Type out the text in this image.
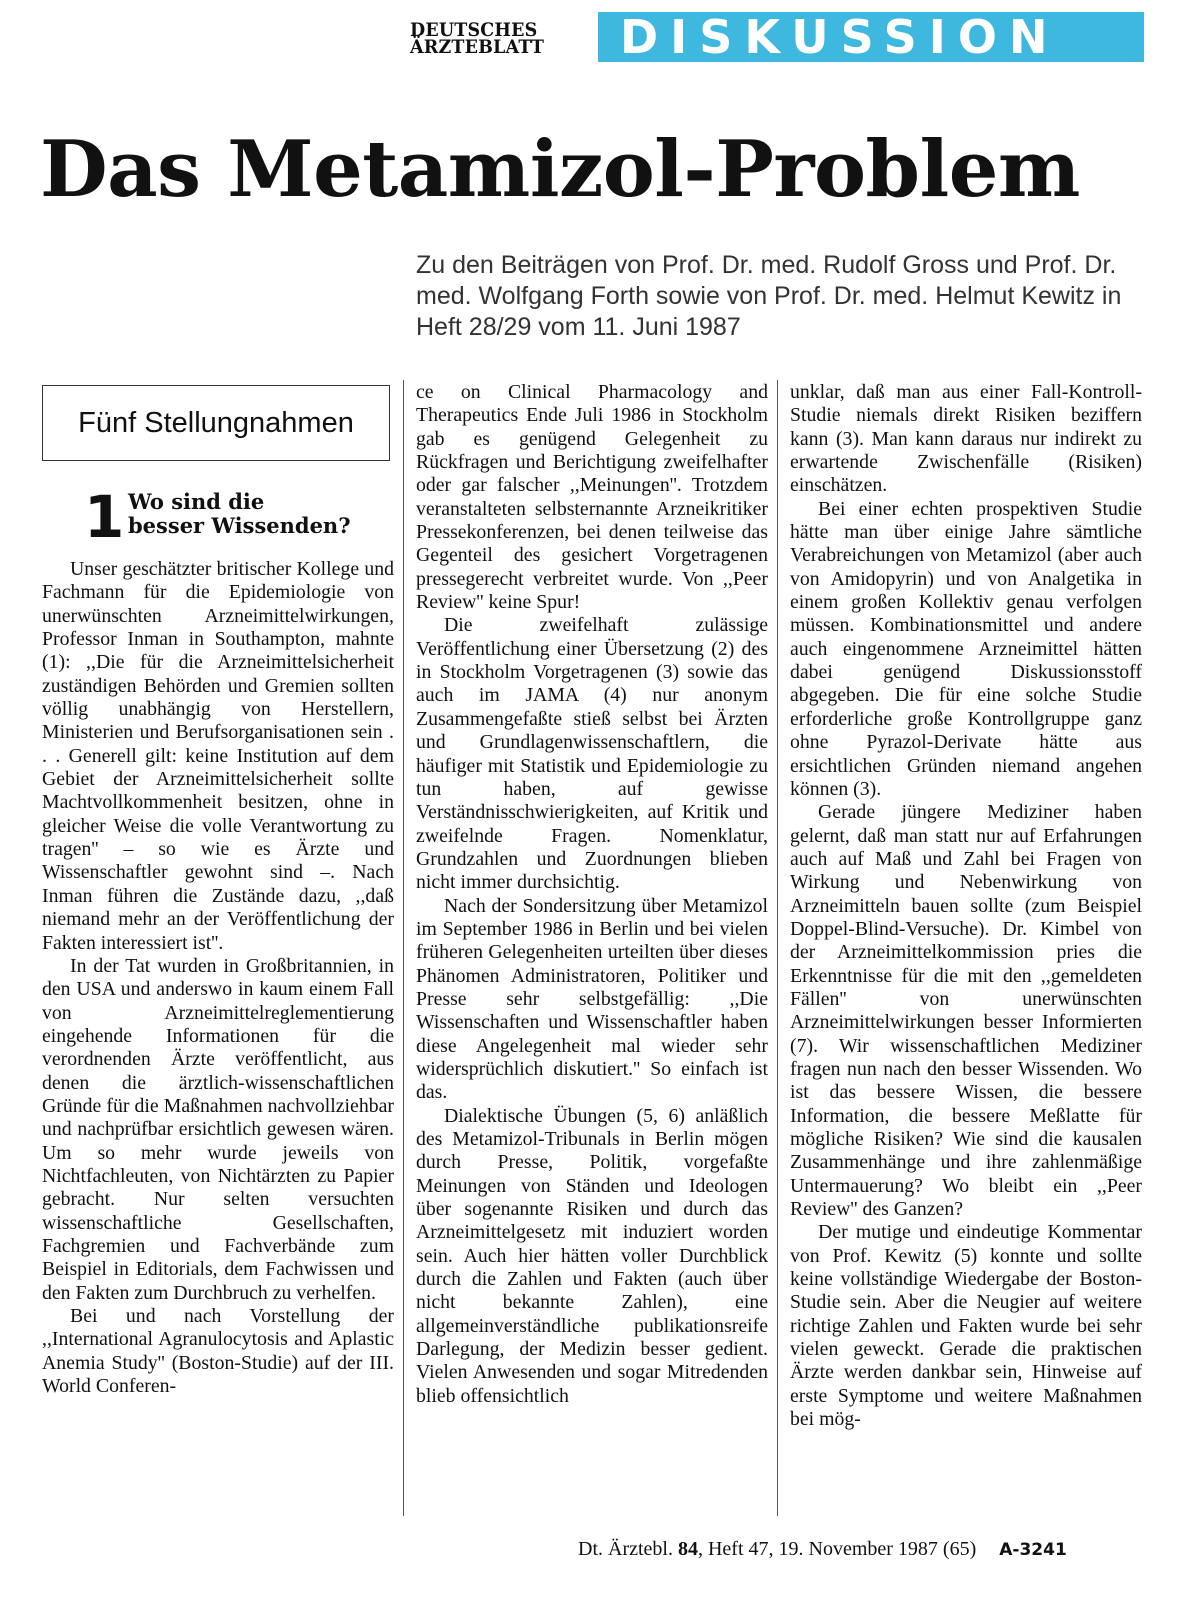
DEUTSCHES
ÄRZTEBLATT DISKUSSION
Das Metamizol-Problem
Zu den Beiträgen von Prof. Dr. med. Rudolf Gross und Prof. Dr. med. Wolfgang Forth sowie von Prof. Dr. med. Helmut Kewitz in Heft 28/29 vom 11. Juni 1987
Fünf Stellungnahmen
1 Wo sind die
besser Wissenden?

Unser geschätzter britischer Kollege und Fachmann für die Epidemiologie von unerwünschten Arzneimittelwirkungen, Professor Inman in Southampton, mahnte (1): ,,Die für die Arzneimittelsicherheit zuständigen Behörden und Gremien sollten völlig unabhängig von Herstellern, Ministerien und Berufsorganisationen sein . . . Generell gilt: keine Institution auf dem Gebiet der Arzneimittelsicherheit sollte Machtvollkommenheit besitzen, ohne in gleicher Weise die volle Verantwortung zu tragen'' – so wie es Ärzte und Wissenschaftler gewohnt sind –. Nach Inman führen die Zustände dazu, ,,daß niemand mehr an der Veröffentlichung der Fakten interessiert ist''.

In der Tat wurden in Großbritannien, in den USA und anderswo in kaum einem Fall von Arzneimittelreglementierung eingehende Informationen für die verordnenden Ärzte veröffentlicht, aus denen die ärztlich-wissenschaftlichen Gründe für die Maßnahmen nachvollziehbar und nachprüfbar ersichtlich gewesen wären. Um so mehr wurde jeweils von Nichtfachleuten, von Nichtärzten zu Papier gebracht. Nur selten versuchten wissenschaftliche Gesellschaften, Fachgremien und Fachverbände zum Beispiel in Editorials, dem Fachwissen und den Fakten zum Durchbruch zu verhelfen.

Bei und nach Vorstellung der ,,International Agranulocytosis and Aplastic Anemia Study'' (Boston-Studie) auf der III. World Conferen-

ce on Clinical Pharmacology and Therapeutics Ende Juli 1986 in Stockholm gab es genügend Gelegenheit zu Rückfragen und Berichtigung zweifelhafter oder gar falscher ,,Meinungen''. Trotzdem veranstalteten selbsternannte Arzneikritiker Pressekonferenzen, bei denen teilweise das Gegenteil des gesichert Vorgetragenen pressegerecht verbreitet wurde. Von ,,Peer Review'' keine Spur!

Die zweifelhaft zulässige Veröffentlichung einer Übersetzung (2) des in Stockholm Vorgetragenen (3) sowie das auch im JAMA (4) nur anonym Zusammengefaßte stieß selbst bei Ärzten und Grundlagenwissenschaftlern, die häufiger mit Statistik und Epidemiologie zu tun haben, auf gewisse Verständnisschwierigkeiten, auf Kritik und zweifelnde Fragen. Nomenklatur, Grundzahlen und Zuordnungen blieben nicht immer durchsichtig.

Nach der Sondersitzung über Metamizol im September 1986 in Berlin und bei vielen früheren Gelegenheiten urteilten über dieses Phänomen Administratoren, Politiker und Presse sehr selbstgefällig: ,,Die Wissenschaften und Wissenschaftler haben diese Angelegenheit mal wieder sehr widersprüchlich diskutiert.'' So einfach ist das.

Dialektische Übungen (5, 6) anläßlich des Metamizol-Tribunals in Berlin mögen durch Presse, Politik, vorgefaßte Meinungen von Ständen und Ideologen über sogenannte Risiken und durch das Arzneimittelgesetz mit induziert worden sein. Auch hier hätten voller Durchblick durch die Zahlen und Fakten (auch über nicht bekannte Zahlen), eine allgemeinverständliche publikationsreife Darlegung, der Medizin besser gedient. Vielen Anwesenden und sogar Mitredenden blieb offensichtlich

unklar, daß man aus einer Fall-Kontroll-Studie niemals direkt Risiken beziffern kann (3). Man kann daraus nur indirekt zu erwartende Zwischenfälle (Risiken) einschätzen.

Bei einer echten prospektiven Studie hätte man über einige Jahre sämtliche Verabreichungen von Metamizol (aber auch von Amidopyrin) und von Analgetika in einem großen Kollektiv genau verfolgen müssen. Kombinationsmittel und andere auch eingenommene Arzneimittel hätten dabei genügend Diskussionsstoff abgegeben. Die für eine solche Studie erforderliche große Kontrollgruppe ganz ohne Pyrazol-Derivate hätte aus ersichtlichen Gründen niemand angehen können (3).

Gerade jüngere Mediziner haben gelernt, daß man statt nur auf Erfahrungen auch auf Maß und Zahl bei Fragen von Wirkung und Nebenwirkung von Arzneimitteln bauen sollte (zum Beispiel Doppel-Blind-Versuche). Dr. Kimbel von der Arzneimittelkommission pries die Erkenntnisse für die mit den ,,gemeldeten Fällen'' von unerwünschten Arzneimittelwirkungen besser Informierten (7). Wir wissenschaftlichen Mediziner fragen nun nach den besser Wissenden. Wo ist das bessere Wissen, die bessere Information, die bessere Meßlatte für mögliche Risiken? Wie sind die kausalen Zusammenhänge und ihre zahlenmäßige Untermauerung? Wo bleibt ein ,,Peer Review'' des Ganzen?

Der mutige und eindeutige Kommentar von Prof. Kewitz (5) konnte und sollte keine vollständige Wiedergabe der Boston-Studie sein. Aber die Neugier auf weitere richtige Zahlen und Fakten wurde bei sehr vielen geweckt. Gerade die praktischen Ärzte werden dankbar sein, Hinweise auf erste Symptome und weitere Maßnahmen bei mög-

Dt. Ärztebl. 84, Heft 47, 19. November 1987 (65) A-3241
